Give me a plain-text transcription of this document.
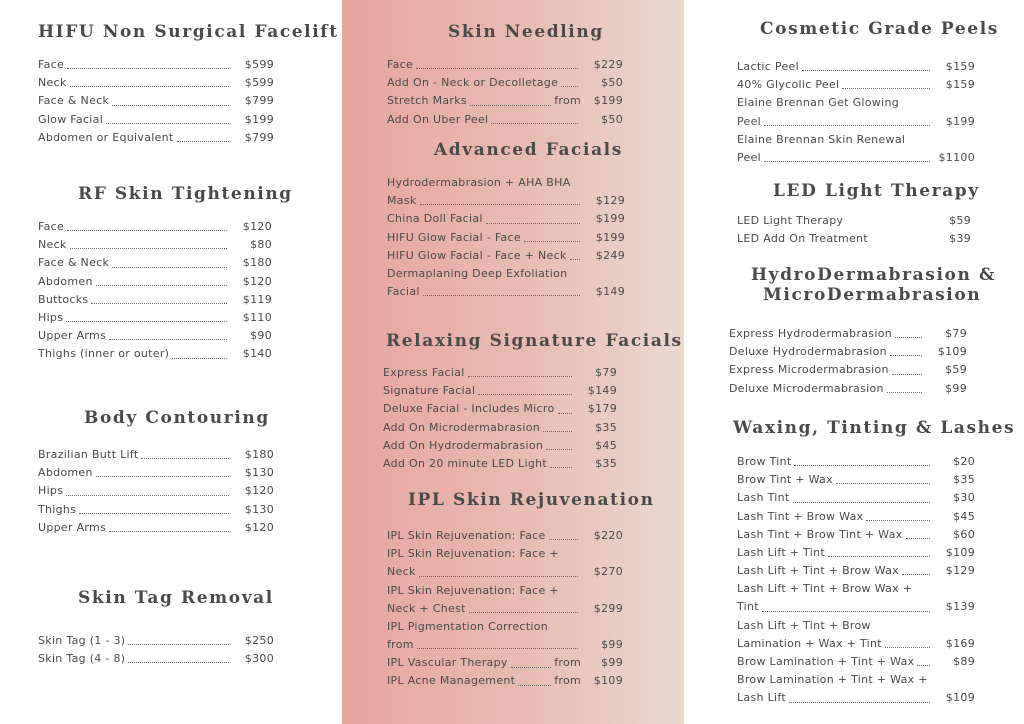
HIFU Non Surgical Facelift
Face	$599
Neck	$599
Face & Neck	$799
Glow Facial	$199
Abdomen or Equivalent	$799
RF Skin Tightening
Face	$120
Neck	$80
Face & Neck	$180
Abdomen	$120
Buttocks	$119
Hips	$110
Upper Arms	$90
Thighs (inner or outer)	$140
Body Contouring
Brazilian Butt Lift	$180
Abdomen	$130
Hips	$120
Thighs	$130
Upper Arms	$120
Skin Tag Removal
Skin Tag (1 - 3)	$250
Skin Tag (4 - 8)	$300
Skin Needling
Face	$229
Add On - Neck or Decolletage	$50
Stretch Marks	from	$199
Add On Uber Peel	$50
Advanced Facials
Hydrodermabrasion + AHA BHA
Mask	$129
China Doll Facial	$199
HIFU Glow Facial - Face	$199
HIFU Glow Facial - Face + Neck	$249
Dermaplaning Deep Exfoliation
Facial	$149
Relaxing Signature Facials
Express Facial	$79
Signature Facial	$149
Deluxe Facial - Includes Micro	$179
Add On Microdermabrasion	$35
Add On Hydrodermabrasion	$45
Add On 20 minute LED Light	$35
IPL Skin Rejuvenation
IPL Skin Rejuvenation: Face	$220
IPL Skin Rejuvenation: Face +
Neck	$270
IPL Skin Rejuvenation: Face +
Neck + Chest	$299
IPL Pigmentation Correction
from	$99
IPL Vascular Therapy	from	$99
IPL Acne Management	from	$109
Cosmetic Grade Peels
Lactic Peel	$159
40% Glycolic Peel	$159
Elaine Brennan Get Glowing
Peel	$199
Elaine Brennan Skin Renewal
Peel	$1100
LED Light Therapy
LED Light Therapy	$59
LED Add On Treatment	$39
HydroDermabrasion &
MicroDermabrasion
Express Hydrodermabrasion	$79
Deluxe Hydrodermabrasion	$109
Express Microdermabrasion	$59
Deluxe Microdermabrasion	$99
Waxing, Tinting & Lashes
Brow Tint	$20
Brow Tint + Wax	$35
Lash Tint	$30
Lash Tint + Brow Wax	$45
Lash Tint + Brow Tint + Wax	$60
Lash Lift + Tint	$109
Lash Lift + Tint + Brow Wax	$129
Lash Lift + Tint + Brow Wax +
Tint	$139
Lash Lift + Tint + Brow
Lamination + Wax + Tint	$169
Brow Lamination + Tint + Wax	$89
Brow Lamination + Tint + Wax +
Lash Lift	$109
